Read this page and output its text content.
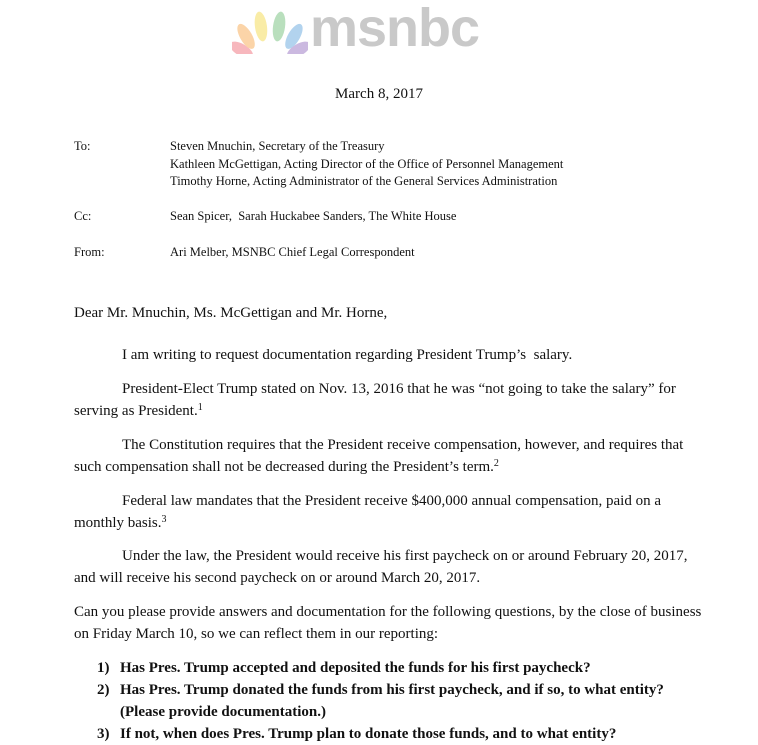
msnbc
March 8, 2017
To:	Steven Mnuchin, Secretary of the Treasury
Kathleen McGettigan, Acting Director of the Office of Personnel Management
Timothy Horne, Acting Administrator of the General Services Administration
Cc:	Sean Spicer,  Sarah Huckabee Sanders, The White House
From:	Ari Melber, MSNBC Chief Legal Correspondent
Dear Mr. Mnuchin, Ms. McGettigan and Mr. Horne,
I am writing to request documentation regarding President Trump’s  salary.
President-Elect Trump stated on Nov. 13, 2016 that he was “not going to take the salary” for serving as President.$^1$
The Constitution requires that the President receive compensation, however, and requires that such compensation shall not be decreased during the President’s term.$^2$
Federal law mandates that the President receive $400,000 annual compensation, paid on a monthly basis.$^3$
Under the law, the President would receive his first paycheck on or around February 20, 2017, and will receive his second paycheck on or around March 20, 2017.
Can you please provide answers and documentation for the following questions, by the close of business on Friday March 10, so we can reflect them in our reporting:
1) Has Pres. Trump accepted and deposited the funds for his first paycheck?
2) Has Pres. Trump donated the funds from his first paycheck, and if so, to what entity? (Please provide documentation.)
3) If not, when does Pres. Trump plan to donate those funds, and to what entity?
